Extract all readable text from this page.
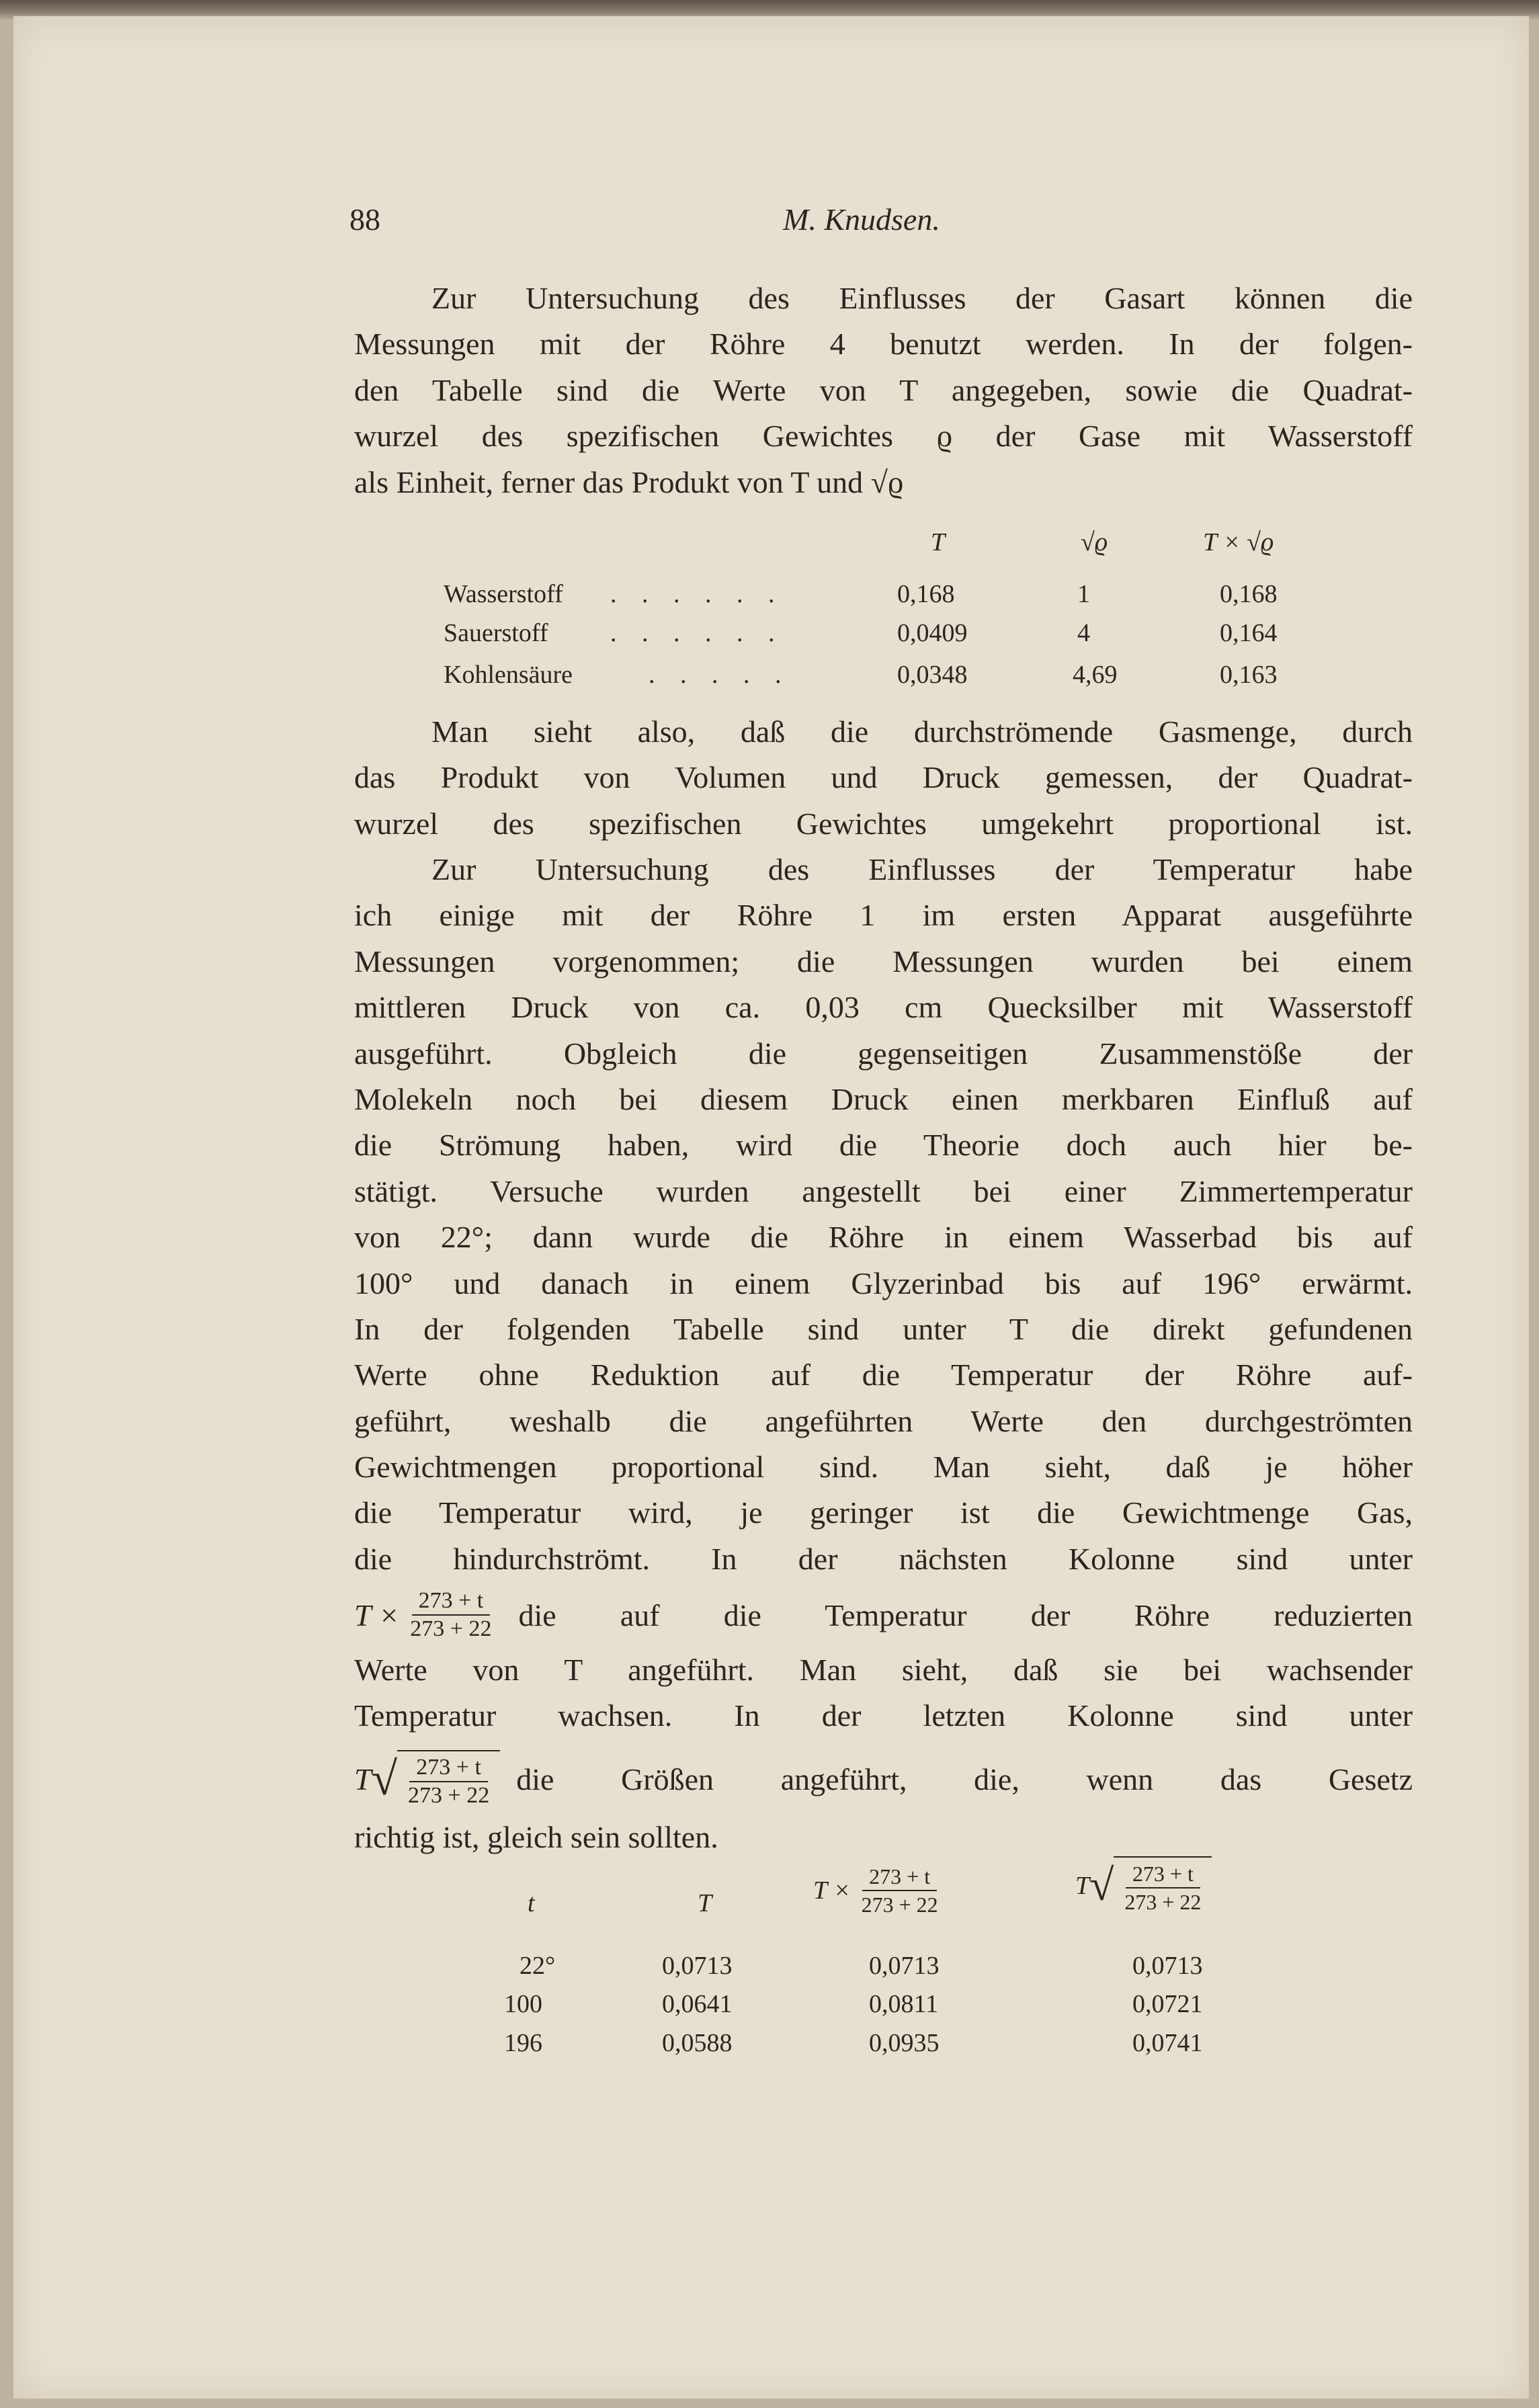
88	M. Knudsen.
Zur Untersuchung des Einflusses der Gasart können die
Messungen mit der Röhre 4 benutzt werden. In der folgen-
den Tabelle sind die Werte von T angegeben, sowie die Quadrat-
wurzel des spezifischen Gewichtes ϱ der Gase mit Wasserstoff
als Einheit, ferner das Produkt von T und √ϱ
T	√ϱ	T × √ϱ
Wasserstoff . . . . . .	0,168	1	0,168
Sauerstoff . . . . . .	0,0409	4	0,164
Kohlensäure	. . . . .	0,0348	4,69	0,163
Man sieht also, daß die durchströmende Gasmenge, durch
das Produkt von Volumen und Druck gemessen, der Quadrat-
wurzel des spezifischen Gewichtes umgekehrt proportional ist.
Zur Untersuchung des Einflusses der Temperatur habe
ich einige mit der Röhre 1 im ersten Apparat ausgeführte
Messungen vorgenommen; die Messungen wurden bei einem
mittleren Druck von ca. 0,03 cm Quecksilber mit Wasserstoff
ausgeführt. Obgleich die gegenseitigen Zusammenstöße der
Molekeln noch bei diesem Druck einen merkbaren Einfluß auf
die Strömung haben, wird die Theorie doch auch hier be-
stätigt. Versuche wurden angestellt bei einer Zimmertemperatur
von 22°; dann wurde die Röhre in einem Wasserbad bis auf
100° und danach in einem Glyzerinbad bis auf 196° erwärmt.
In der folgenden Tabelle sind unter T die direkt gefundenen
Werte ohne Reduktion auf die Temperatur der Röhre auf-
geführt, weshalb die angeführten Werte den durchgeströmten
Gewichtmengen proportional sind. Man sieht, daß je höher
die Temperatur wird, je geringer ist die Gewichtmenge Gas,
die hindurchströmt. In der nächsten Kolonne sind unter
$T \times \frac{273 + t}{273 + 22}$ die auf die Temperatur der Röhre reduzierten
Werte von T angeführt. Man sieht, daß sie bei wachsender
Temperatur wachsen. In der letzten Kolonne sind unter
T √ $\frac{273 + t}{273 + 22}$ die Größen angeführt, die, wenn das Gesetz
richtig ist, gleich sein sollten.
t	T	$T \times \frac{273 + t}{273 + 22}$	T √ $\frac{273 + t}{273 + 22}$
22°	0,0713	0,0713	0,0713
100	0,0641	0,0811	0,0721
196	0,0588	0,0935	0,0741
